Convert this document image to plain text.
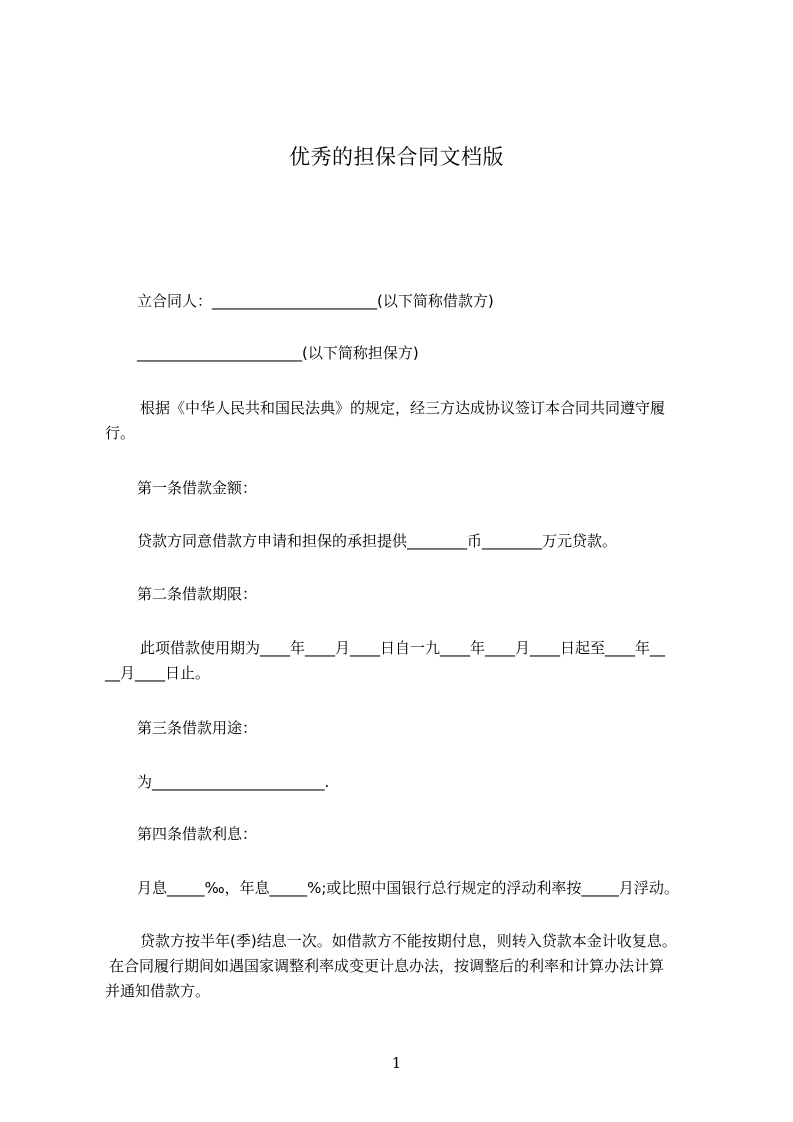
优秀的担保合同文档版
立合同人：______________________(以下简称借款方)
______________________(以下简称担保方)
根据《中华人民共和国民法典》的规定，经三方达成协议签订本合同共同遵守履
行。
第一条借款金额：
贷款方同意借款方申请和担保的承担提供________币________万元贷款。
第二条借款期限：
此项借款使用期为____年____月____日自一九____年____月____日起至____年__
__月____日止。
第三条借款用途：
为_______________________.
第四条借款利息：
月息_____‰，年息_____%;或比照中国银行总行规定的浮动利率按_____月浮动。
贷款方按半年(季)结息一次。如借款方不能按期付息，则转入贷款本金计收复息。
在合同履行期间如遇国家调整利率成变更计息办法，按调整后的利率和计算办法计算
并通知借款方。
1
